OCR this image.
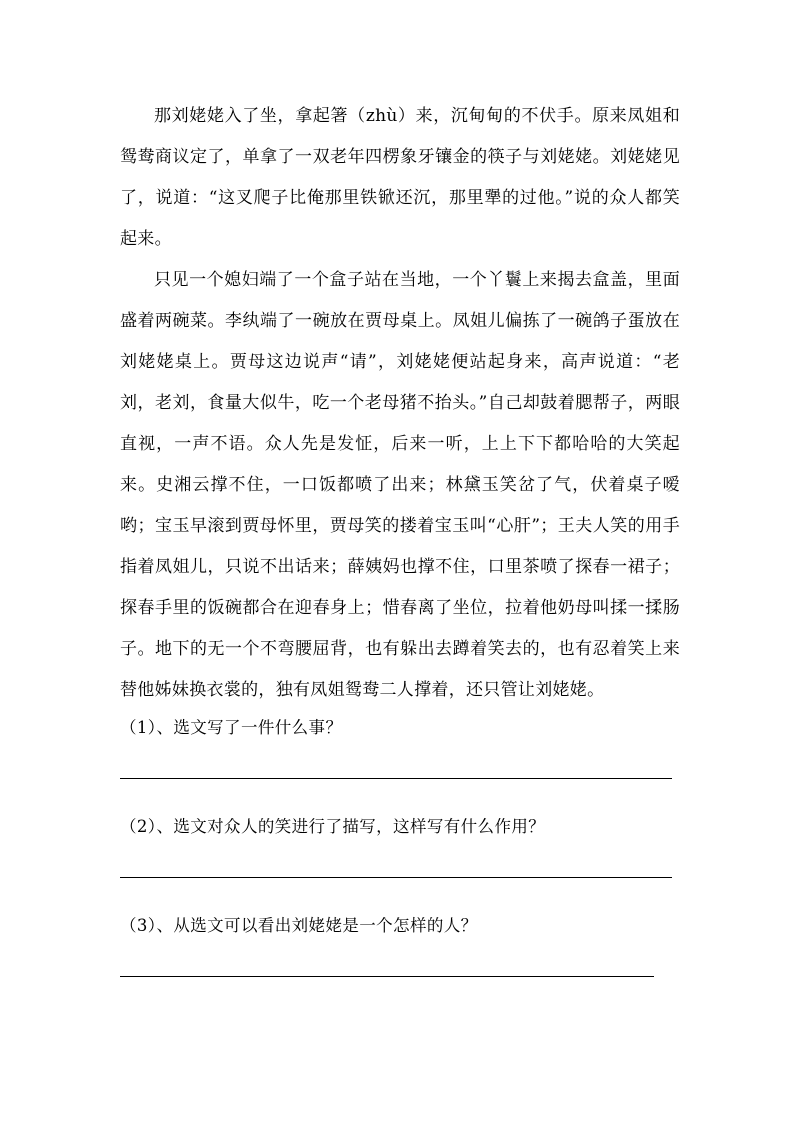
那刘姥姥入了坐，拿起箸（zhù）来，沉甸甸的不伏手。原来凤姐和鸳鸯商议定了，单拿了一双老年四楞象牙镶金的筷子与刘姥姥。刘姥姥见了，说道：“这叉爬子比俺那里铁锨还沉，那里犟的过他。”说的众人都笑起来。

只见一个媳妇端了一个盒子站在当地，一个丫鬟上来揭去盒盖，里面盛着两碗菜。李纨端了一碗放在贾母桌上。凤姐儿偏拣了一碗鸽子蛋放在刘姥姥桌上。贾母这边说声“请”，刘姥姥便站起身来，高声说道：“老刘，老刘，食量大似牛，吃一个老母猪不抬头。”自己却鼓着腮帮子，两眼直视，一声不语。众人先是发怔，后来一听，上上下下都哈哈的大笑起来。史湘云撑不住，一口饭都喷了出来；林黛玉笑岔了气，伏着桌子嗳哟；宝玉早滚到贾母怀里，贾母笑的搂着宝玉叫“心肝”；王夫人笑的用手指着凤姐儿，只说不出话来；薛姨妈也撑不住，口里茶喷了探春一裙子；探春手里的饭碗都合在迎春身上；惜春离了坐位，拉着他奶母叫揉一揉肠子。地下的无一个不弯腰屈背，也有躲出去蹲着笑去的，也有忍着笑上来替他姊妹换衣裳的，独有凤姐鸳鸯二人撑着，还只管让刘姥姥。

（1）、选文写了一件什么事？

（2）、选文对众人的笑进行了描写，这样写有什么作用？

（3）、从选文可以看出刘姥姥是一个怎样的人？
